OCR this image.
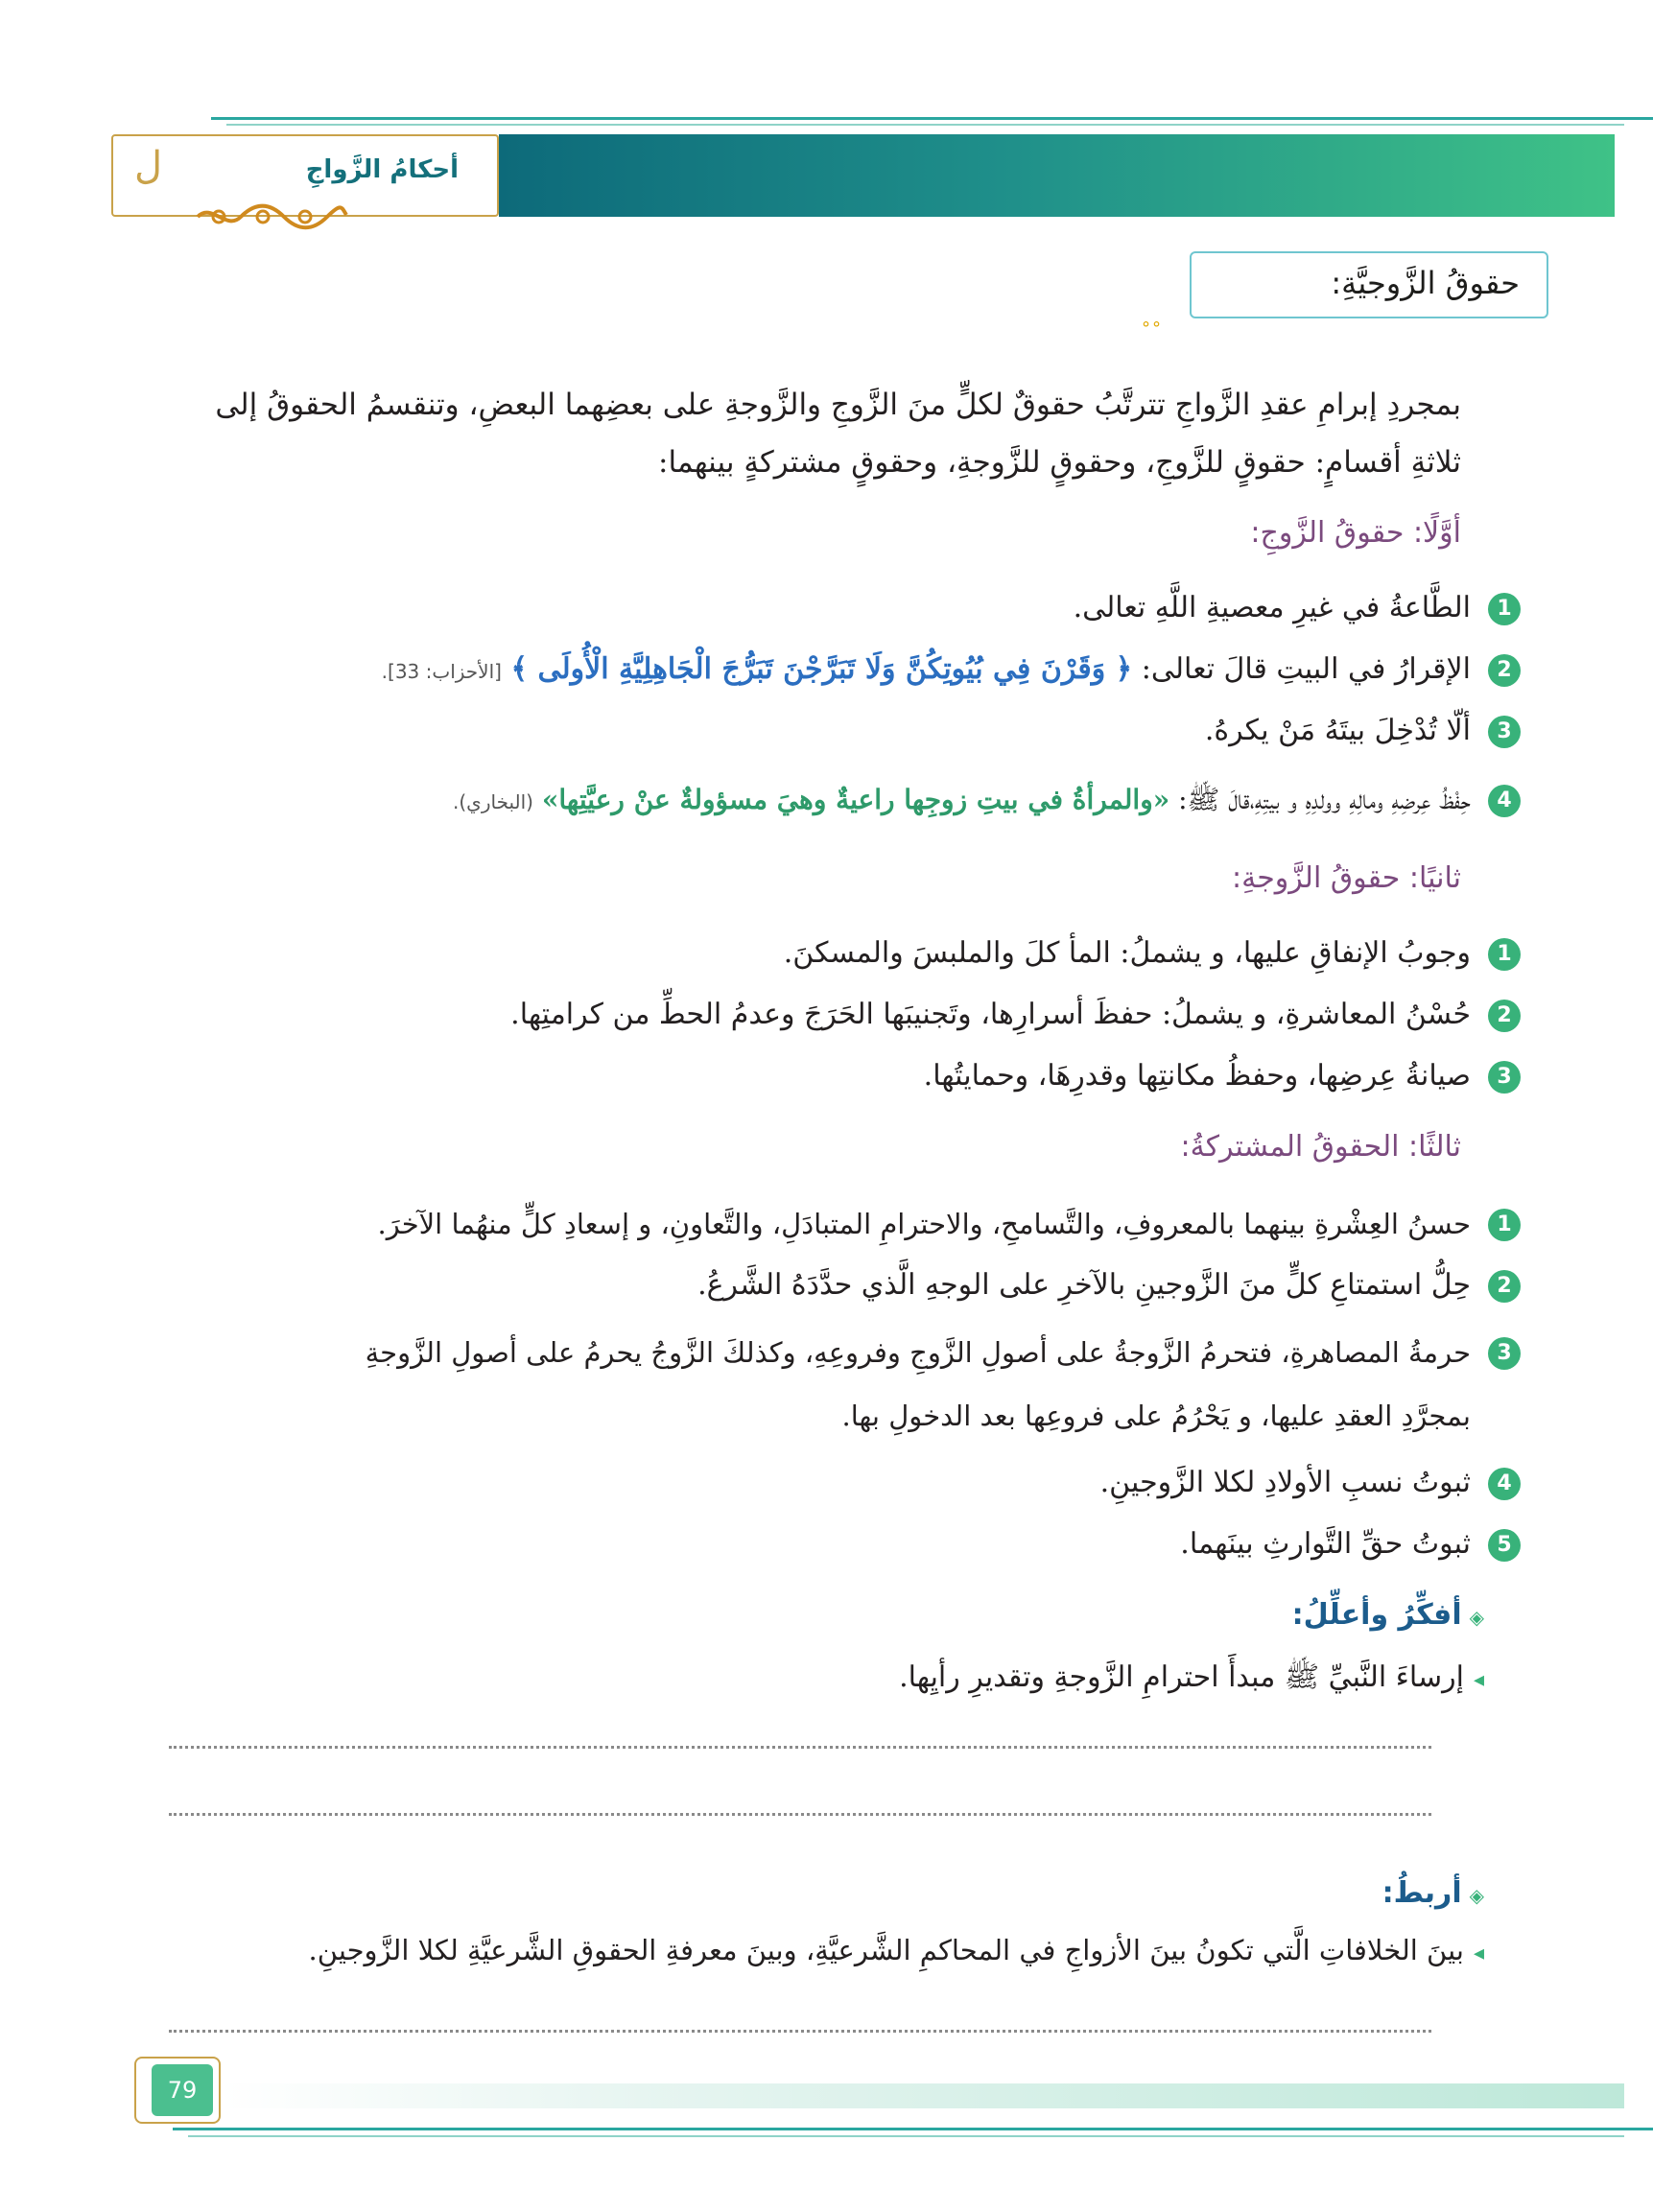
أحكامُ الزَّواجِ
ل
حقوقُ الزَّوجيَّةِ:
°°
بمجردِ إبرامِ عقدِ الزَّواجِ تترتَّبُ حقوقٌ لكلٍّ منَ الزَّوجِ والزَّوجةِ على بعضِهما البعضِ، وتنقسمُ الحقوقُ إلى
ثلاثةِ أقسامٍ: حقوقٍ للزَّوجِ، وحقوقٍ للزَّوجةِ، وحقوقٍ مشتركةٍ بينهما:
أوَّلًا: حقوقُ الزَّوجِ:
1
الطَّاعةُ في غيرِ معصيةِ اللَّهِ تعالى.
2
الإقرارُ في البيتِ قالَ تعالى: ﴿ وَقَرْنَ فِي بُيُوتِكُنَّ وَلَا تَبَرَّجْنَ تَبَرُّجَ الْجَاهِلِيَّةِ الْأُولَى ﴾ [الأحزاب: 33].
3
ألّا تُدْخِلَ بيتَهُ مَنْ يكرهُ.
4
حِفْظُ عِرضِهِ ومالِهِ وولدِهِ و بيتِهِ،قالَ ﷺ: «والمرأةُ في بيتِ زوجِها راعيةٌ وهيَ مسؤولةٌ عنْ رعيَّتِها» (البخاري).
ثانيًا: حقوقُ الزَّوجةِ:
1
وجوبُ الإنفاقِ عليها، و يشملُ: المأ كلَ والملبسَ والمسكنَ.
2
حُسْنُ المعاشرةِ، و يشملُ: حفظَ أسرارِها، وتَجنيبَها الحَرَجَ وعدمُ الحطِّ من كرامتِها.
3
صيانةُ عِرضِها، وحفظُ مكانتِها وقدرِهَا، وحمايتُها.
ثالثًا: الحقوقُ المشتركةُ:
1
حسنُ العِشْرةِ بينهما بالمعروفِ، والتَّسامحِ، والاحترامِ المتبادَلِ، والتَّعاونِ، و إسعادِ كلٍّ منهُما الآخرَ.
2
حِلُّ استمتاعِ كلٍّ منَ الزَّوجينِ بالآخرِ على الوجهِ الَّذي حدَّدَهُ الشَّرعُ.
3
حرمةُ المصاهرةِ، فتحرمُ الزَّوجةُ على أصولِ الزَّوجِ وفروعِهِ، وكذلكَ الزَّوجُ يحرمُ على أصولِ الزَّوجةِ
بمجرَّدِ العقدِ عليها، و يَحْرُمُ على فروعِها بعد الدخولِ بها.
4
ثبوتُ نسبِ الأولادِ لكلا الزَّوجينِ.
5
ثبوتُ حقِّ التَّوارثِ بينَهما.
◈أفكِّرُ وأعلِّلُ:
◂إرساءَ النَّبيِّ ﷺ مبدأَ احترامِ الزَّوجةِ وتقديرِ رأيِها.
◈أربطُ:
◂بينَ الخلافاتِ الَّتي تكونُ بينَ الأزواجِ في المحاكمِ الشَّرعيَّةِ، وبينَ معرفةِ الحقوقِ الشَّرعيَّةِ لكلا الزَّوجينِ.
79
